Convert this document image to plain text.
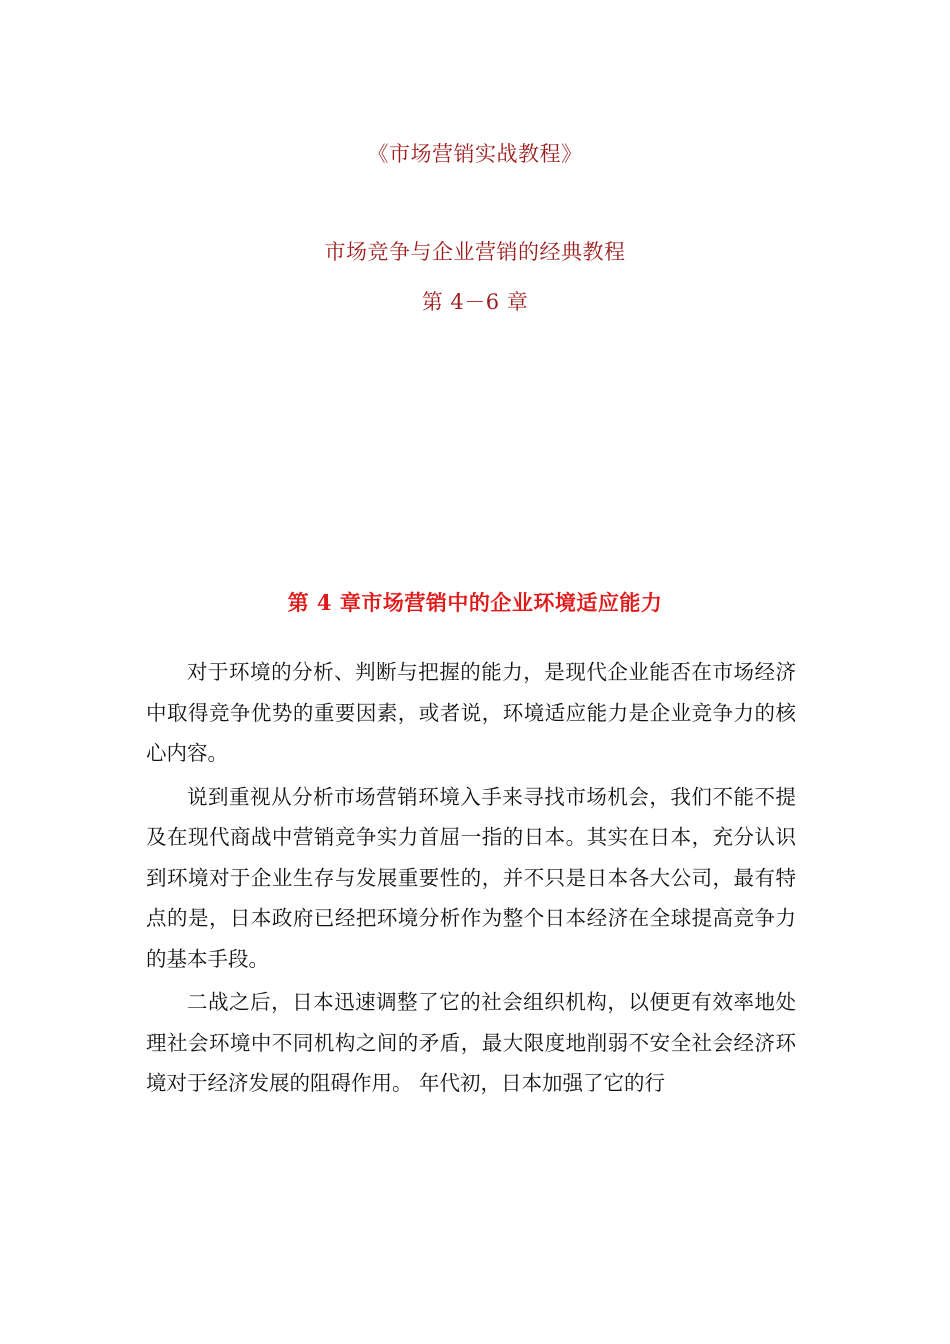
《市场营销实战教程》
市场竞争与企业营销的经典教程
第 4－6 章
第 4 章市场营销中的企业环境适应能力

对于环境的分析、判断与把握的能力，是现代企业能否在市场经济中取得竞争优势的重要因素，或者说，环境适应能力是企业竞争力的核心内容。

说到重视从分析市场营销环境入手来寻找市场机会，我们不能不提及在现代商战中营销竞争实力首屈一指的日本。其实在日本，充分认识到环境对于企业生存与发展重要性的，并不只是日本各大公司，最有特点的是，日本政府已经把环境分析作为整个日本经济在全球提高竞争力的基本手段。

二战之后，日本迅速调整了它的社会组织机构，以便更有效率地处理社会环境中不同机构之间的矛盾，最大限度地削弱不安全社会经济环境对于经济发展的阻碍作用。 年代初，日本加强了它的行
